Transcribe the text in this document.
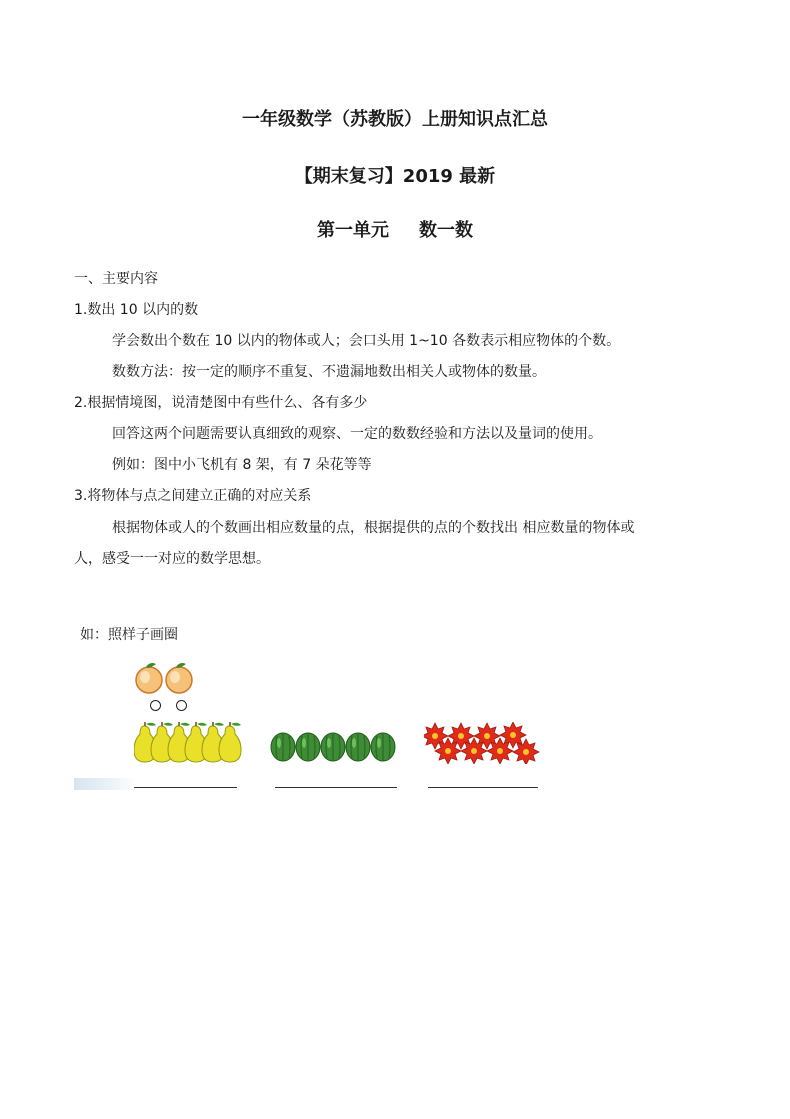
一年级数学（苏教版）上册知识点汇总
【期末复习】2019 最新
第一单元 数一数
一、主要内容
1.数出 10 以内的数
学会数出个数在 10 以内的物体或人；会口头用 1~10 各数表示相应物体的个数。
数数方法：按一定的顺序不重复、不遗漏地数出相关人或物体的数量。
2.根据情境图，说清楚图中有些什么、各有多少
回答这两个问题需要认真细致的观察、一定的数数经验和方法以及量词的使用。
例如：图中小飞机有 8 架，有 7 朵花等等
3.将物体与点之间建立正确的对应关系
根据物体或人的个数画出相应数量的点，根据提供的点的个数找出 相应数量的物体或
人，感受一一对应的数学思想。
如：照样子画圈
